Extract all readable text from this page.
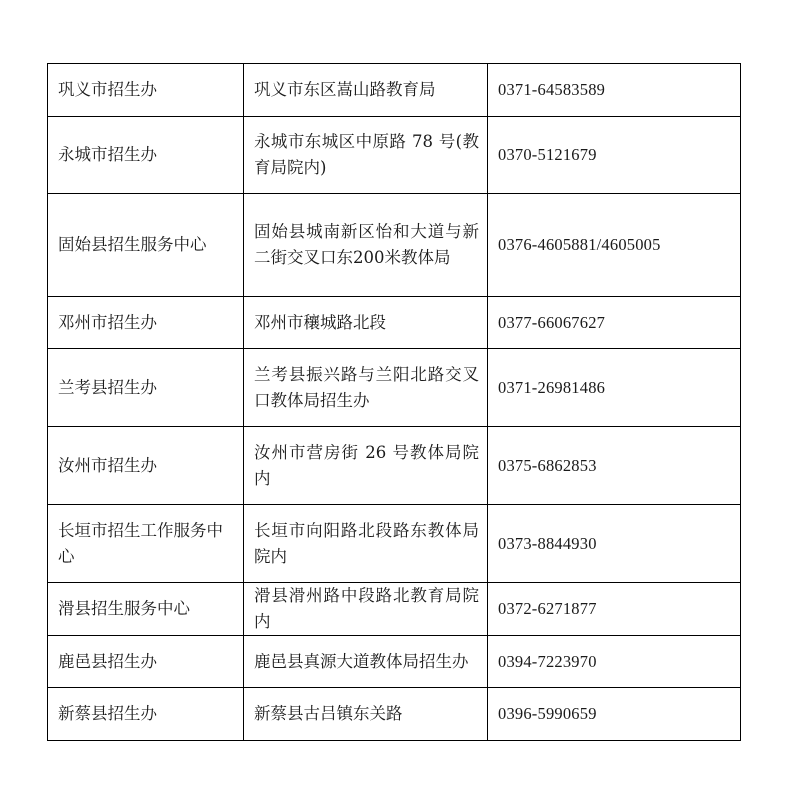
巩义市招生办	巩义市东区嵩山路教育局	0371-64583589
永城市招生办	永城市东城区中原路 78 号(教育局院内)	0370-5121679
固始县招生服务中心	固始县城南新区怡和大道与新二街交叉口东200米教体局	0376-4605881/4605005
邓州市招生办	邓州市穰城路北段	0377-66067627
兰考县招生办	兰考县振兴路与兰阳北路交叉口教体局招生办	0371-26981486
汝州市招生办	汝州市营房街 26 号教体局院内	0375-6862853
长垣市招生工作服务中心	长垣市向阳路北段路东教体局院内	0373-8844930
滑县招生服务中心	滑县滑州路中段路北教育局院内	0372-6271877
鹿邑县招生办	鹿邑县真源大道教体局招生办	0394-7223970
新蔡县招生办	新蔡县古吕镇东关路	0396-5990659
